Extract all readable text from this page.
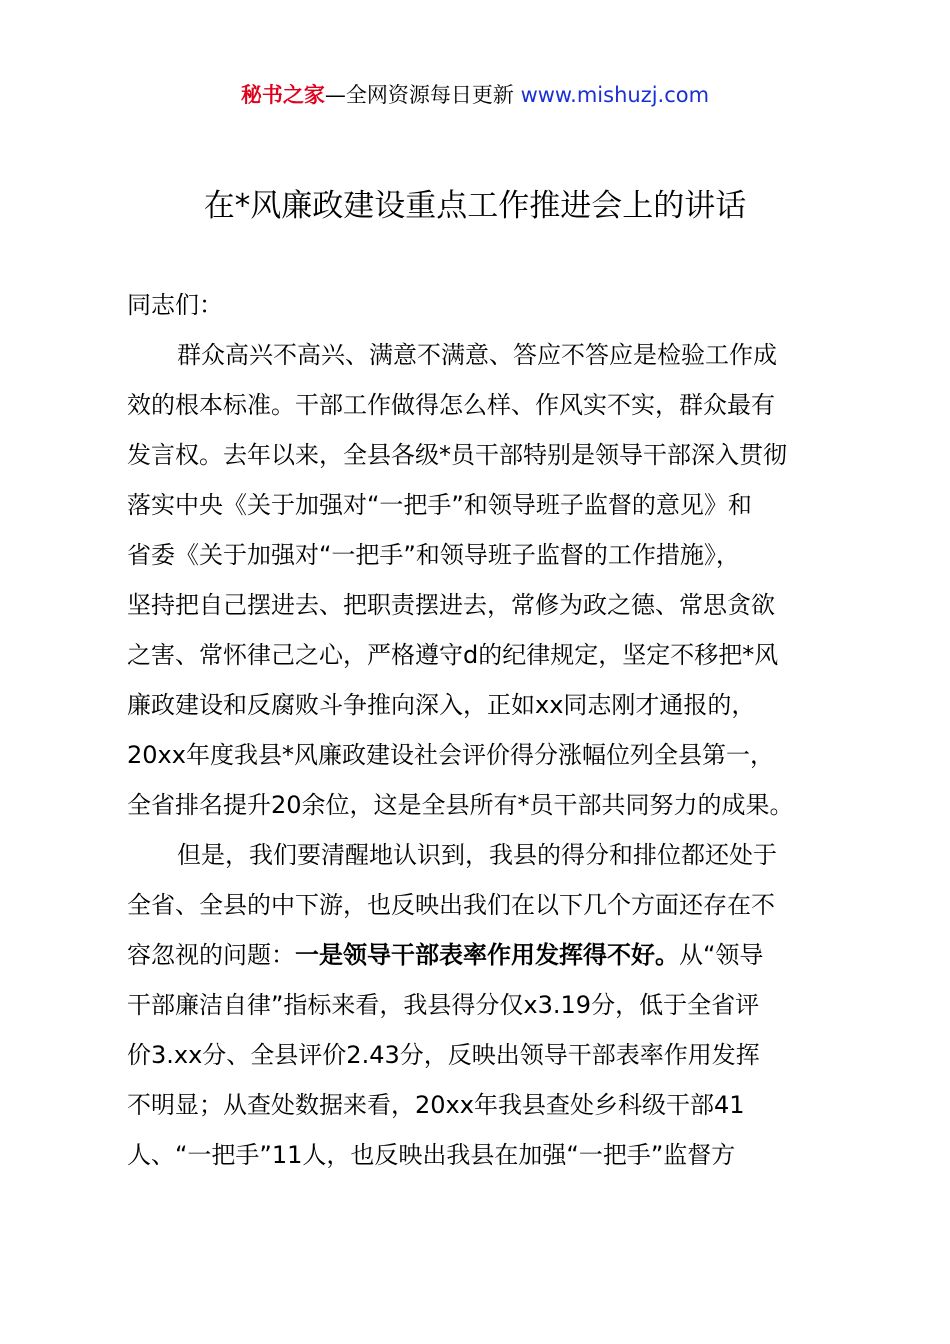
秘书之家—全网资源每日更新 www.mishuzj.com
在*风廉政建设重点工作推进会上的讲话
同志们：
群众高兴不高兴、满意不满意、答应不答应是检验工作成
效的根本标准。干部工作做得怎么样、作风实不实，群众最有
发言权。去年以来，全县各级*员干部特别是领导干部深入贯彻
落实中央《关于加强对“一把手”和领导班子监督的意见》和
省委《关于加强对“一把手”和领导班子监督的工作措施》，
坚持把自己摆进去、把职责摆进去，常修为政之德、常思贪欲
之害、常怀律己之心，严格遵守d的纪律规定，坚定不移把*风
廉政建设和反腐败斗争推向深入，正如xx同志刚才通报的，
20xx年度我县*风廉政建设社会评价得分涨幅位列全县第一，
全省排名提升20余位，这是全县所有*员干部共同努力的成果。
但是，我们要清醒地认识到，我县的得分和排位都还处于
全省、全县的中下游，也反映出我们在以下几个方面还存在不
容忽视的问题：一是领导干部表率作用发挥得不好。从“领导
干部廉洁自律”指标来看，我县得分仅x3.19分，低于全省评
价3.xx分、全县评价2.43分，反映出领导干部表率作用发挥
不明显；从查处数据来看，20xx年我县查处乡科级干部41
人、“一把手”11人，也反映出我县在加强“一把手”监督方
